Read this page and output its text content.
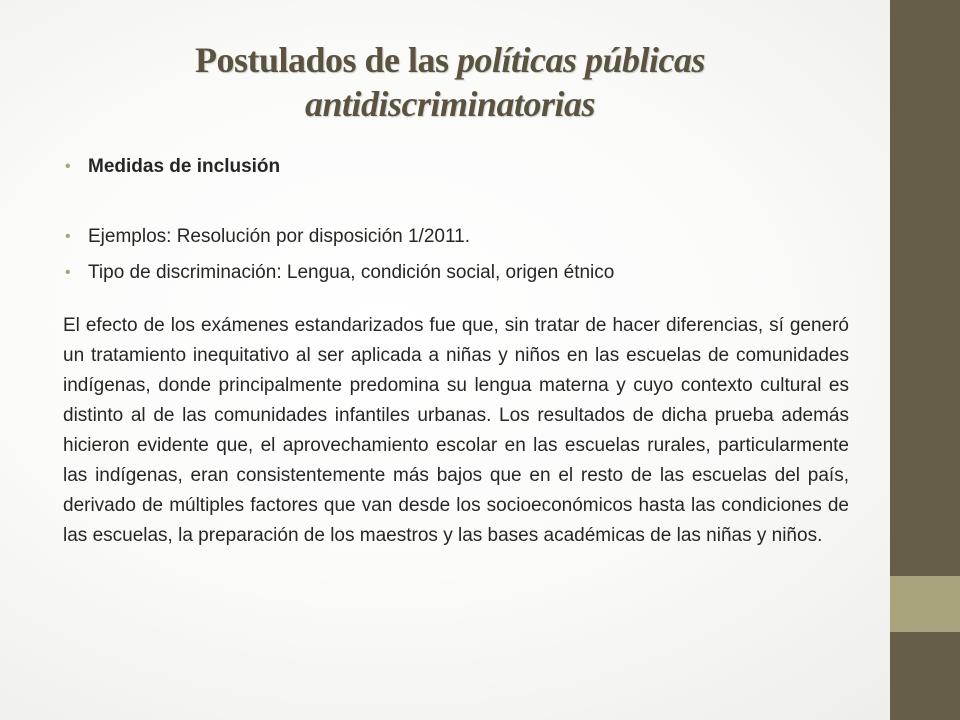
Postulados de las políticas públicas antidiscriminatorias
• Medidas de inclusión
• Ejemplos: Resolución por disposición 1/2011.
• Tipo de discriminación: Lengua, condición social, origen étnico

El efecto de los exámenes estandarizados fue que, sin tratar de hacer diferencias, sí generó un tratamiento inequitativo al ser aplicada a niñas y niños en las escuelas de comunidades indígenas, donde principalmente predomina su lengua materna y cuyo contexto cultural es distinto al de las comunidades infantiles urbanas. Los resultados de dicha prueba además hicieron evidente que, el aprovechamiento escolar en las escuelas rurales, particularmente las indígenas, eran consistentemente más bajos que en el resto de las escuelas del país, derivado de múltiples factores que van desde los socioeconómicos hasta las condiciones de las escuelas, la preparación de los maestros y las bases académicas de las niñas y niños.
